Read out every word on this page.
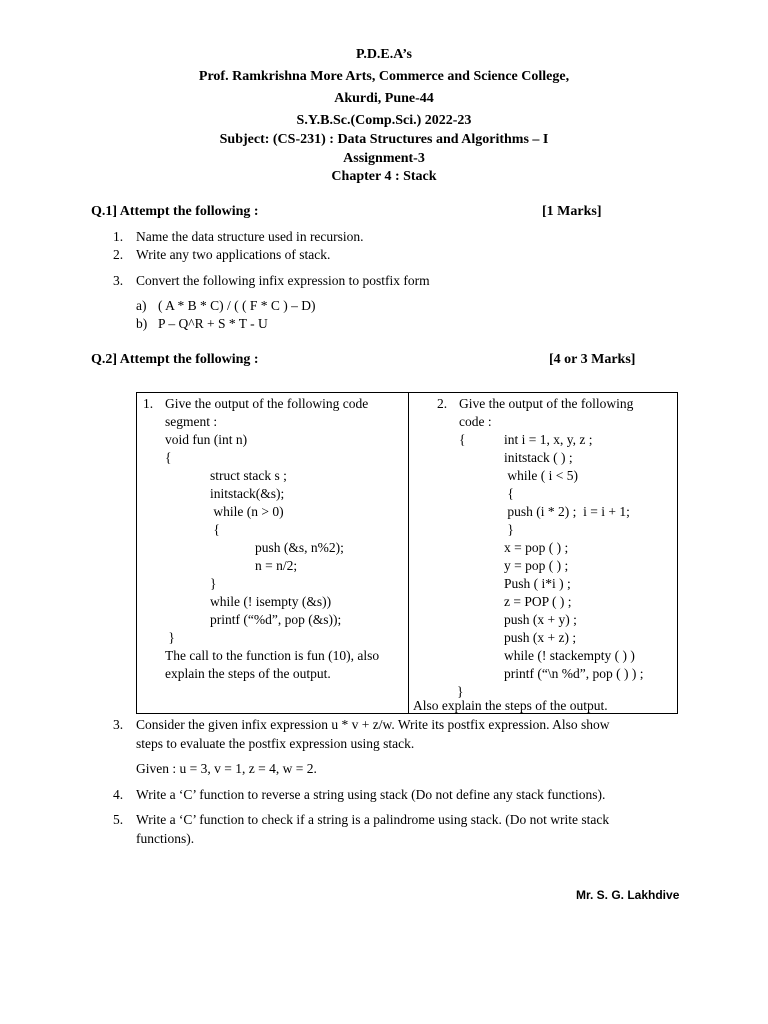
P.D.E.A’s
Prof. Ramkrishna More Arts, Commerce and Science College,
Akurdi, Pune-44
S.Y.B.Sc.(Comp.Sci.) 2022-23
Subject: (CS-231) : Data Structures and Algorithms – I
Assignment-3
Chapter 4 : Stack
Q.1] Attempt the following :	[1 Marks]
1. Name the data structure used in recursion.
2. Write any two applications of stack.
3. Convert the following infix expression to postfix form
a) ( A * B * C) / ( ( F * C ) – D)
b) P – Q^R + S * T - U
Q.2] Attempt the following :	[4 or 3 Marks]
1. Give the output of the following code
segment :
void fun (int n)
{
struct stack s ;
initstack(&s);
while (n > 0)
{
push (&s, n%2);
n = n/2;
}
while (! isempty (&s))
printf (“%d”, pop (&s));
}
The call to the function is fun (10), also
explain the steps of the output.
2. Give the output of the following
code :
{	int i = 1, x, y, z ;
initstack ( ) ;
while ( i < 5)
{
push (i * 2) ;  i = i + 1;
}
x = pop ( ) ;
y = pop ( ) ;
Push ( i*i ) ;
z = POP ( ) ;
push (x + y) ;
push (x + z) ;
while (! stackempty ( ) )
printf (“\n %d”, pop ( ) ) ;
}
Also explain the steps of the output.
3. Consider the given infix expression u * v + z/w. Write its postfix expression. Also show
steps to evaluate the postfix expression using stack.
Given : u = 3, v = 1, z = 4, w = 2.
4. Write a ‘C’ function to reverse a string using stack (Do not define any stack functions).
5. Write a ‘C’ function to check if a string is a palindrome using stack. (Do not write stack
functions).
Mr. S. G. Lakhdive
